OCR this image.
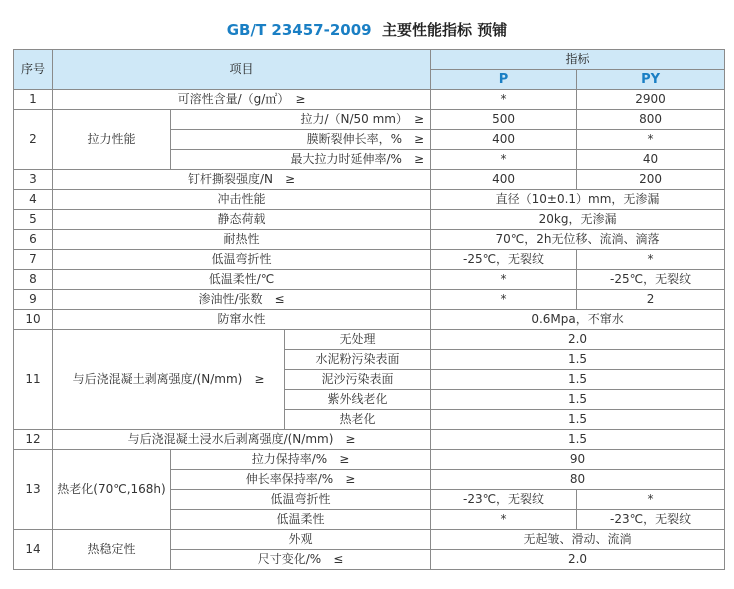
GB/T 23457-2009 主要性能指标 预铺
序号	项目			指标	
				P	PY
1	可溶性含量/（g/㎡）　≥			*	2900
2	拉力性能	拉力/（N/50 mm）　≥		500	800
		膜断裂伸长率，%　≥		400	*
		最大拉力时延伸率/%　≥		*	40
3	钉杆撕裂强度/N　≥			400	200
4	冲击性能			直径（10±0.1）mm，无渗漏	
5	静态荷载			20kg，无渗漏	
6	耐热性			70℃，2h无位移、流淌、滴落	
7	低温弯折性			-25℃，无裂纹	*
8	低温柔性/℃			*	-25℃，无裂纹
9	渗油性/张数　≤			*	2
10	防窜水性			0.6Mpa，不窜水	
11	与后浇混凝土剥离强度/(N/mm)　≥		无处理	2.0	
			水泥粉污染表面	1.5	
			泥沙污染表面	1.5	
			紫外线老化	1.5	
			热老化	1.5	
12	与后浇混凝土浸水后剥离强度/(N/mm)　≥			1.5	
13	热老化(70℃,168h)	拉力保持率/%　≥		90	
		伸长率保持率/%　≥		80	
		低温弯折性		-23℃，无裂纹	*
		低温柔性		*	-23℃，无裂纹
14	热稳定性	外观		无起皱、滑动、流淌	
		尺寸变化/%　≤		2.0	
